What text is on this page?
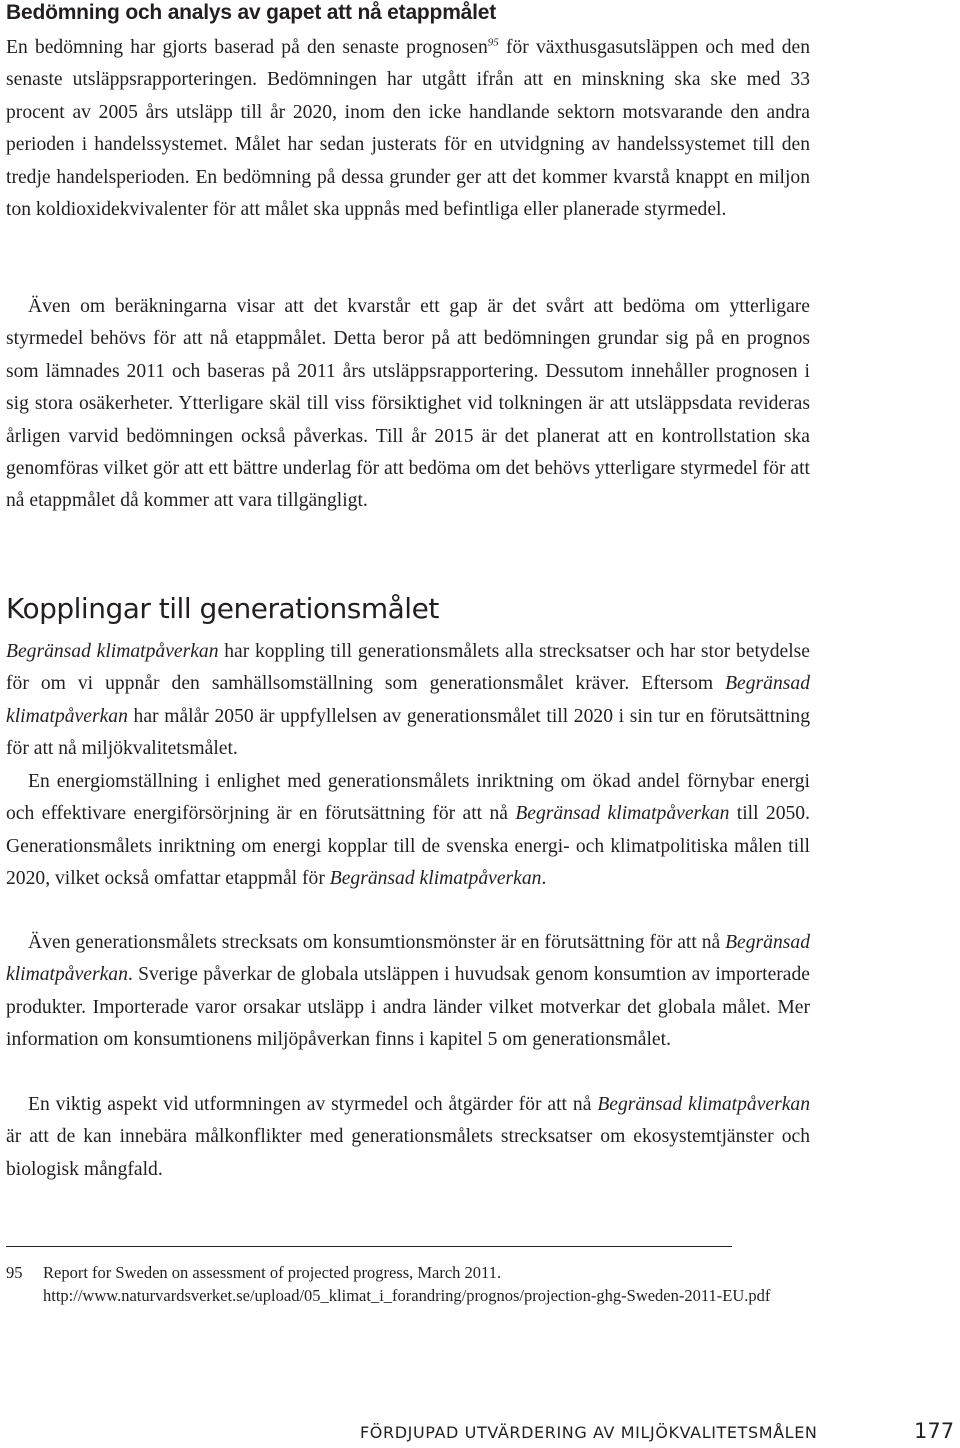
Bedömning och analys av gapet att nå etappmålet

En bedömning har gjorts baserad på den senaste prognosen$^{95}$ för växthusgasutsläppen och med den senaste utsläppsrapporteringen. Bedömningen har utgått ifrån att en minskning ska ske med 33 procent av 2005 års utsläpp till år 2020, inom den icke handlande sektorn motsvarande den andra perioden i handelssystemet. Målet har sedan justerats för en utvidgning av handelssystemet till den tredje handelsperioden. En bedömning på dessa grunder ger att det kommer kvarstå knappt en miljon ton koldioxidekvivalenter för att målet ska uppnås med befintliga eller planerade styrmedel.

Även om beräkningarna visar att det kvarstår ett gap är det svårt att bedöma om ytterligare styrmedel behövs för att nå etappmålet. Detta beror på att bedömningen grundar sig på en prognos som lämnades 2011 och baseras på 2011 års utsläppsrapportering. Dessutom innehåller prognosen i sig stora osäkerheter. Ytterligare skäl till viss försiktighet vid tolkningen är att utsläppsdata revideras årligen varvid bedömningen också påverkas. Till år 2015 är det planerat att en kontrollstation ska genomföras vilket gör att ett bättre underlag för att bedöma om det behövs ytterligare styrmedel för att nå etappmålet då kommer att vara tillgängligt.

Kopplingar till generationsmålet

Begränsad klimatpåverkan har koppling till generationsmålets alla strecksatser och har stor betydelse för om vi uppnår den samhällsomställning som generationsmålet kräver. Eftersom Begränsad klimatpåverkan har målår 2050 är uppfyllelsen av generationsmålet till 2020 i sin tur en förutsättning för att nå miljökvalitetsmålet.

En energiomställning i enlighet med generationsmålets inriktning om ökad andel förnybar energi och effektivare energiförsörjning är en förutsättning för att nå Begränsad klimatpåverkan till 2050. Generationsmålets inriktning om energi kopplar till de svenska energi- och klimatpolitiska målen till 2020, vilket också omfattar etappmål för Begränsad klimatpåverkan.

Även generationsmålets strecksats om konsumtionsmönster är en förutsättning för att nå Begränsad klimatpåverkan. Sverige påverkar de globala utsläppen i huvudsak genom konsumtion av importerade produkter. Importerade varor orsakar utsläpp i andra länder vilket motverkar det globala målet. Mer information om konsumtionens miljöpåverkan finns i kapitel 5 om generationsmålet.

En viktig aspekt vid utformningen av styrmedel och åtgärder för att nå Begränsad klimatpåverkan är att de kan innebära målkonflikter med generationsmålets strecksatser om ekosystemtjänster och biologisk mångfald.

95 Report for Sweden on assessment of projected progress, March 2011. http://www.naturvardsverket.se/upload/05_klimat_i_forandring/prognos/projection-ghg-Sweden-2011-EU.pdf
FÖRDJUPAD UTVÄRDERING AV MILJÖKVALITETSMÅLEN	177
